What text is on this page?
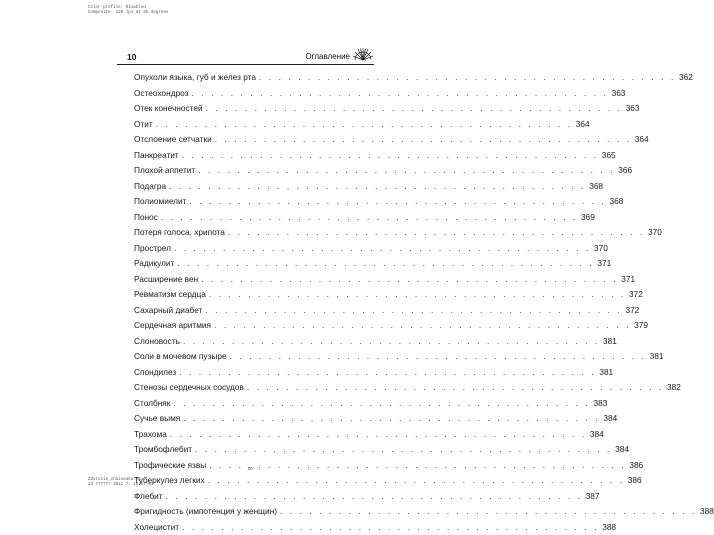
Color profile: Disabled
Composite  120 lpi at 45 degrees
10	Оглавление
Опухоли языка, губ и желез рта . . .	362
Остеохондроз . . .	363
Отек конечностей . . .	363
Отит . . .	364
Отслоение сетчатки . . .	364
Панкреатит . . .	365
Плохой аппетит . . .	366
Подагра . . .	368
Полиомиелит . . .	368
Понос . . .	369
Потеря голоса, хрипота . . .	370
Прострел . . .	370
Радикулит . . .	371
Расширение вен . . .	371
Ревматизм сердца . . .	372
Сахарный диабет . . .	372
Сердечная аритмия . . .	379
Слоновость . . .	381
Соли в мочевом пузыре . . .	381
Спондилез . . .	381
Стенозы сердечных сосудов . . .	382
Столбняк . . .	383
Сучье вымя . . .	384
Трахома . . .	384
Тромбофлебит . . .	384
Трофические язвы . . .	386
Туберкулез легких . . .	386
Флебит . . .	387
Фригидность (импотенция у женщин) . . .	388
Холецистит . . .	388
10
Zdorovie_chaiseaka.vp
24 ?????? 2011 ?. 19:57:03
